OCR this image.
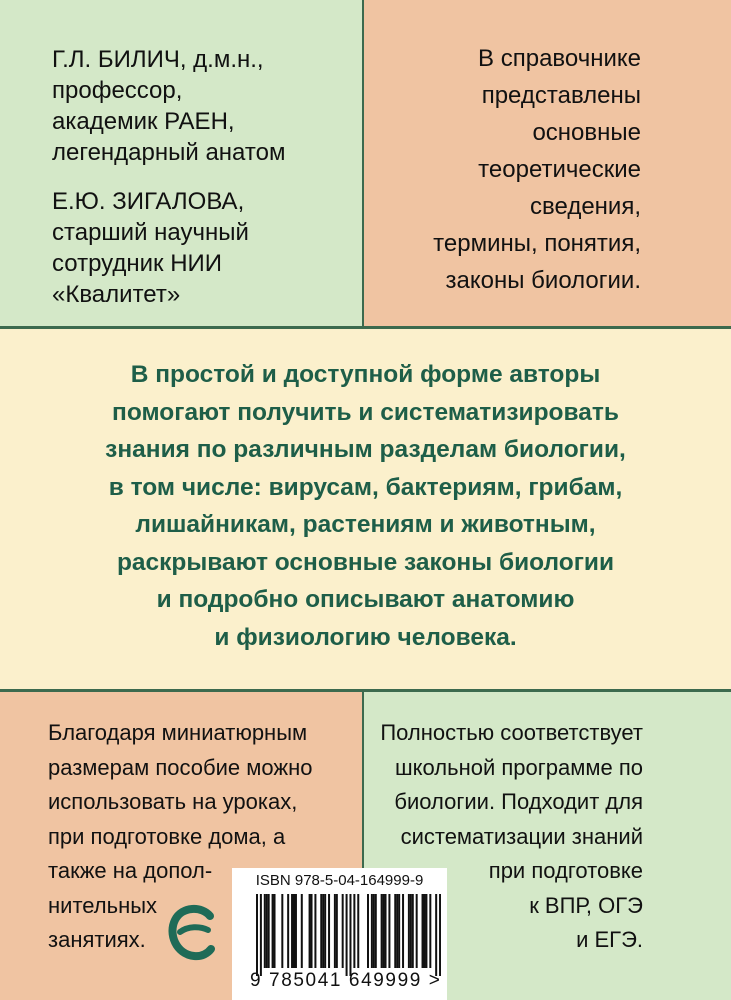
Г.Л. БИЛИЧ, д.м.н.,
профессор,
академик РАЕН,
легендарный анатом
Е.Ю. ЗИГАЛОВА,
старший научный
сотрудник НИИ
«Квалитет»
В справочнике
представлены
основные
теоретические
сведения,
термины, понятия,
законы биологии.
В простой и доступной форме авторы
помогают получить и систематизировать
знания по различным разделам биологии,
в том числе: вирусам, бактериям, грибам,
лишайникам, растениям и животным,
раскрывают основные законы биологии
и подробно описывают анатомию
и физиологию человека.
Благодаря миниатюрным
размерам пособие можно
использовать на уроках,
при подготовке дома, а
также на допол-
нительных
занятиях.
Полностью соответствует
школьной программе по
биологии. Подходит для
систематизации знаний
при подготовке
к ВПР, ОГЭ
и ЕГЭ.
ISBN 978-5-04-164999-9
9 785041 649999 >
